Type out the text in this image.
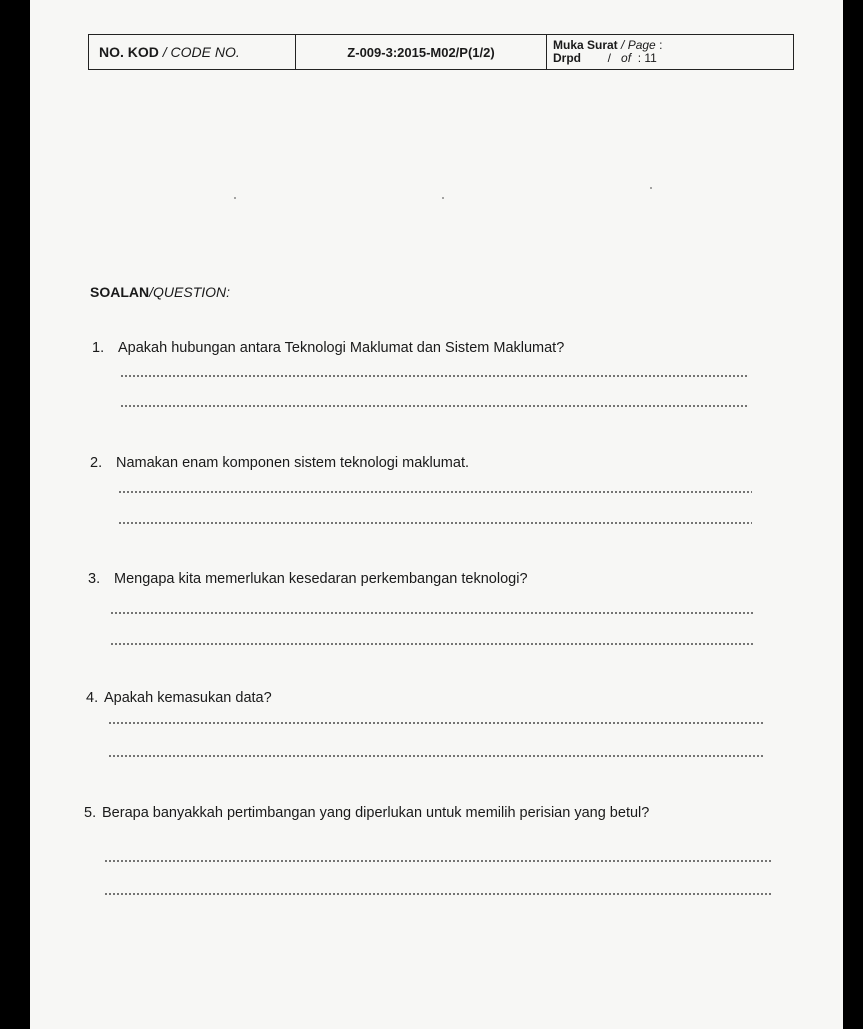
NO. KOD / CODE NO.	Z-009-3:2015-M02/P(1/2)	Muka Surat / Page :
Drpd / of : 11
SOALAN/QUESTION:
1. Apakah hubungan antara Teknologi Maklumat dan Sistem Maklumat?
2. Namakan enam komponen sistem teknologi maklumat.
3. Mengapa kita memerlukan kesedaran perkembangan teknologi?
4. Apakah kemasukan data?
5. Berapa banyakkah pertimbangan yang diperlukan untuk memilih perisian yang betul?
